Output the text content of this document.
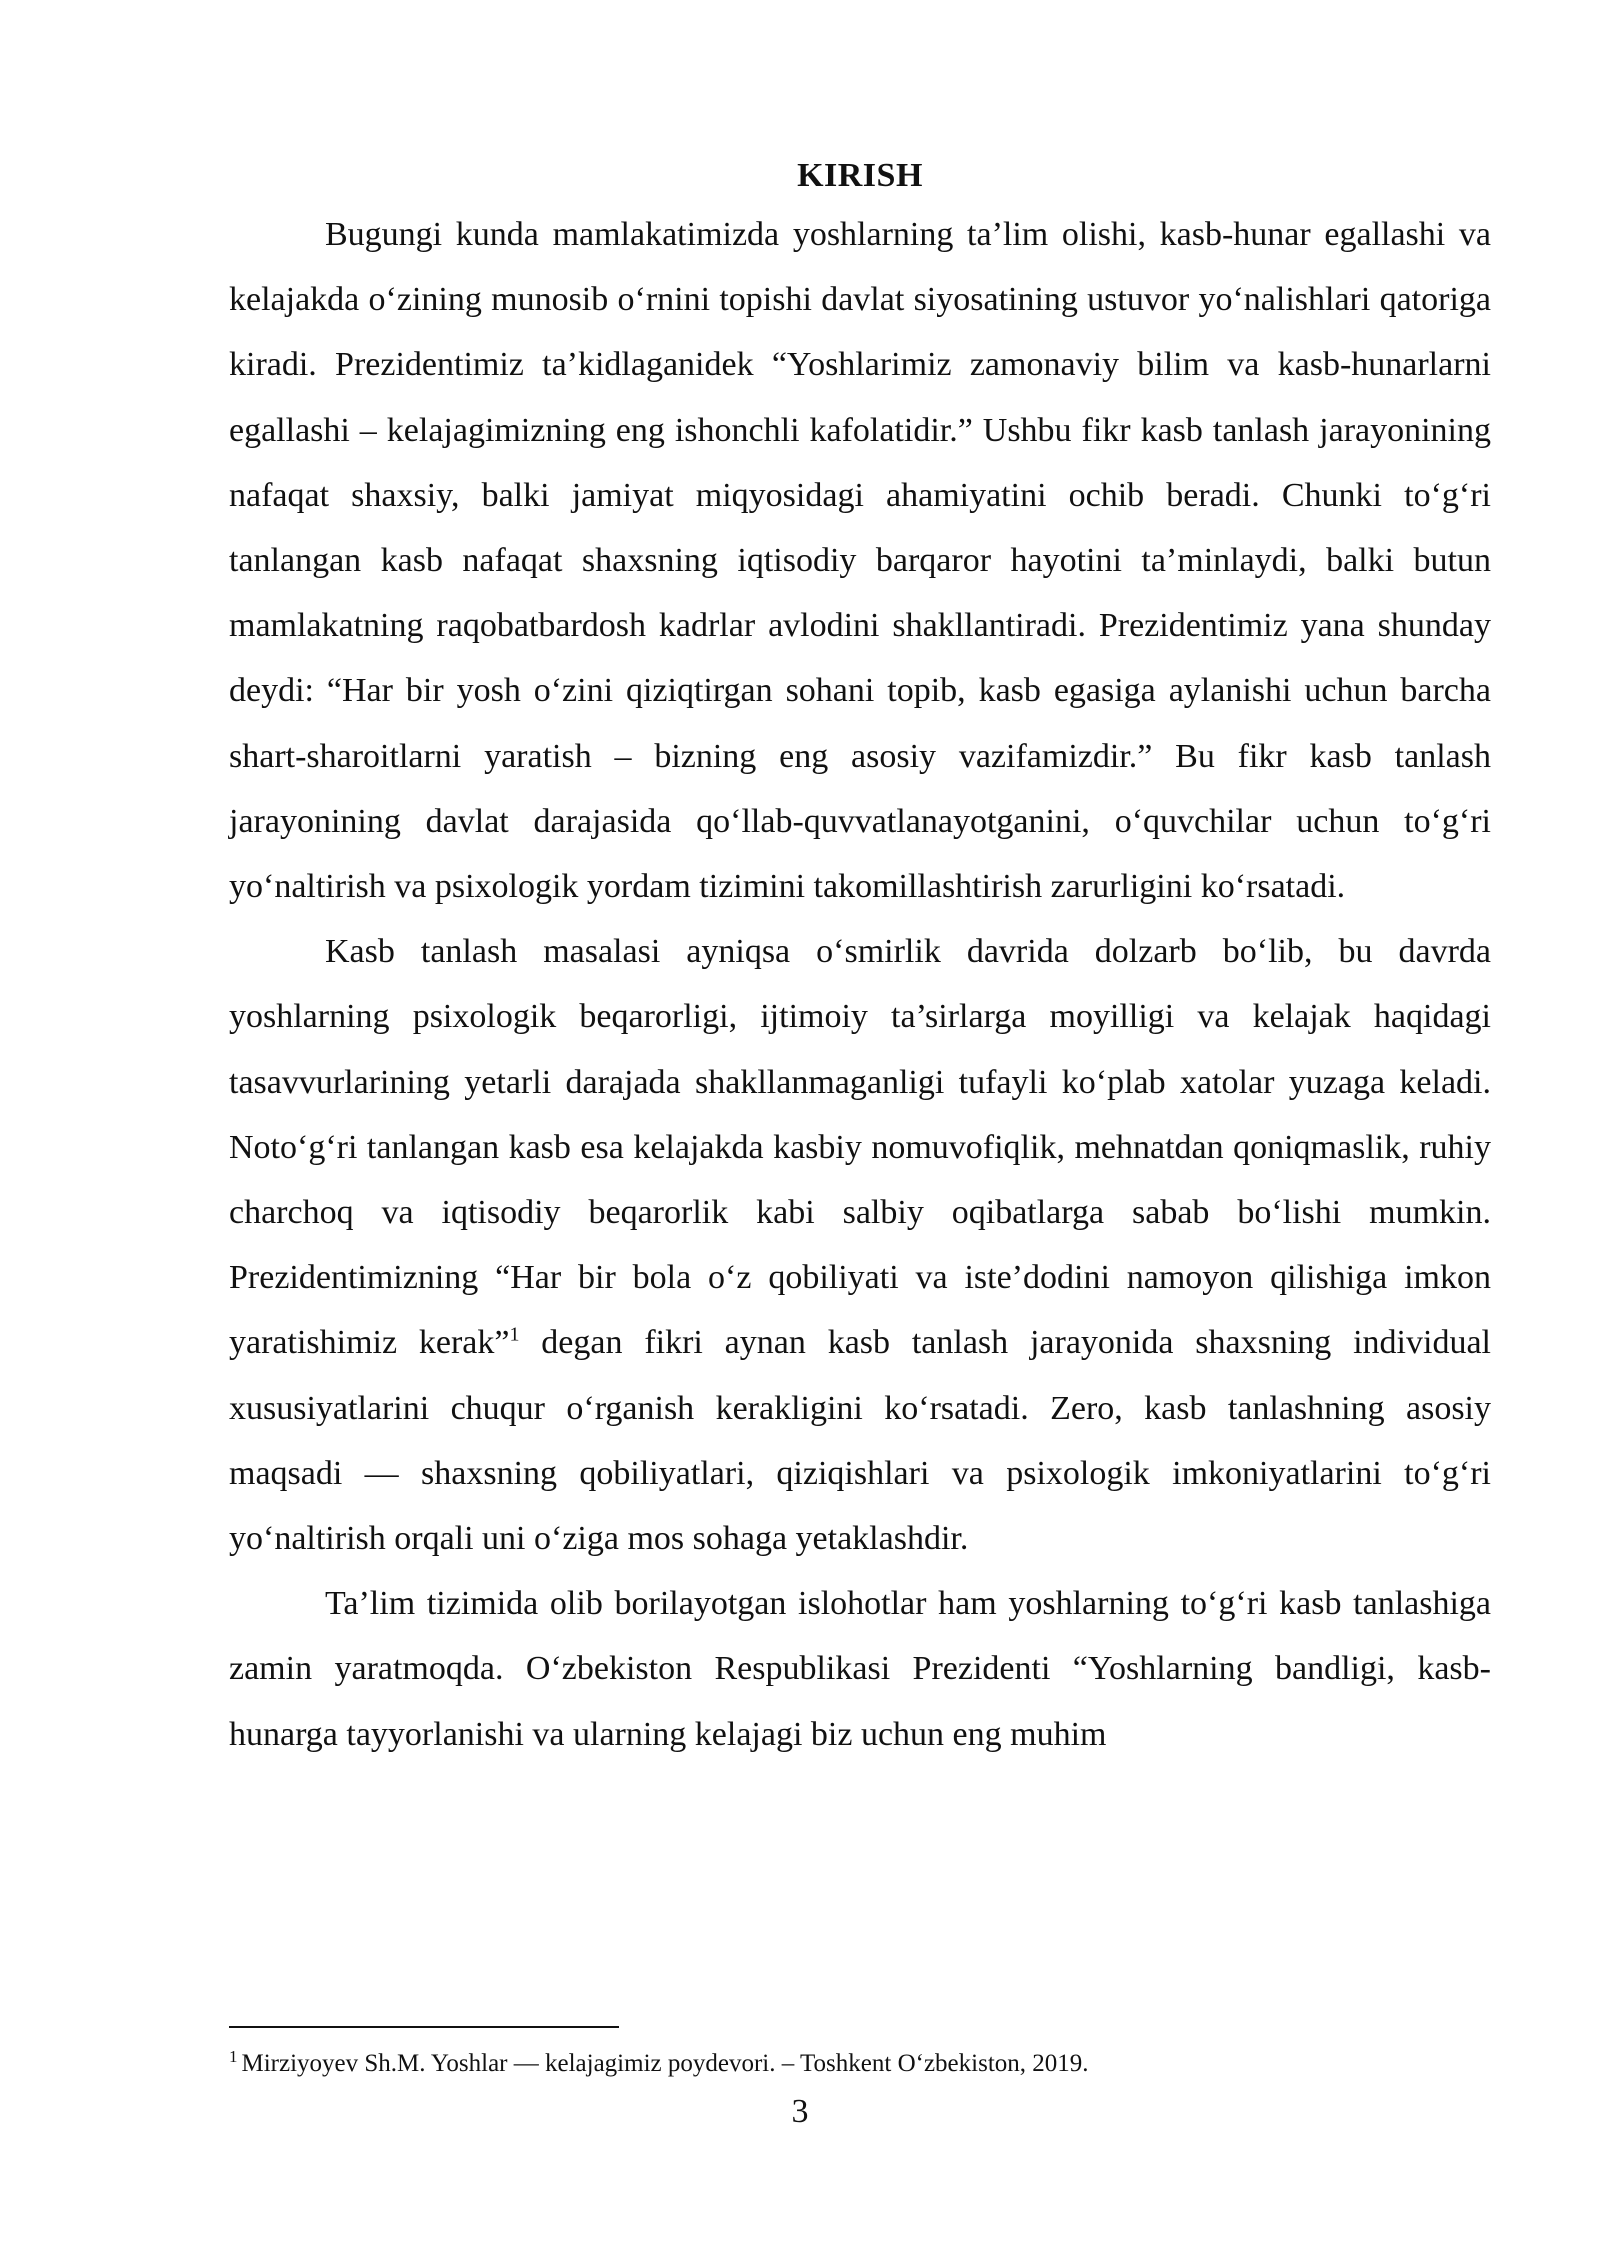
KIRISH

Bugungi kunda mamlakatimizda yoshlarning ta’lim olishi, kasb-hunar egallashi va kelajakda o‘zining munosib o‘rnini topishi davlat siyosatining ustuvor yo‘nalishlari qatoriga kiradi. Prezidentimiz ta’kidlaganidek “Yoshlarimiz zamonaviy bilim va kasb-hunarlarni egallashi – kelajagimizning eng ishonchli kafolatidir.” Ushbu fikr kasb tanlash jarayonining nafaqat shaxsiy, balki jamiyat miqyosidagi ahamiyatini ochib beradi. Chunki to‘g‘ri tanlangan kasb nafaqat shaxsning iqtisodiy barqaror hayotini ta’minlaydi, balki butun mamlakatning raqobatbardosh kadrlar avlodini shakllantiradi. Prezidentimiz yana shunday deydi: “Har bir yosh o‘zini qiziqtirgan sohani topib, kasb egasiga aylanishi uchun barcha shart-sharoitlarni yaratish – bizning eng asosiy vazifamizdir.” Bu fikr kasb tanlash jarayonining davlat darajasida qo‘llab-quvvatlanayotganini, o‘quvchilar uchun to‘g‘ri yo‘naltirish va psixologik yordam tizimini takomillashtirish zarurligini ko‘rsatadi.

Kasb tanlash masalasi ayniqsa o‘smirlik davrida dolzarb bo‘lib, bu davrda yoshlarning psixologik beqarorligi, ijtimoiy ta’sirlarga moyilligi va kelajak haqidagi tasavvurlarining yetarli darajada shakllanmaganligi tufayli ko‘plab xatolar yuzaga keladi. Noto‘g‘ri tanlangan kasb esa kelajakda kasbiy nomuvofiqlik, mehnatdan qoniqmaslik, ruhiy charchoq va iqtisodiy beqarorlik kabi salbiy oqibatlarga sabab bo‘lishi mumkin. Prezidentimizning “Har bir bola o‘z qobiliyati va iste’dodini namoyon qilishiga imkon yaratishimiz kerak”$^1$ degan fikri aynan kasb tanlash jarayonida shaxsning individual xususiyatlarini chuqur o‘rganish kerakligini ko‘rsatadi. Zero, kasb tanlashning asosiy maqsadi — shaxsning qobiliyatlari, qiziqishlari va psixologik imkoniyatlarini to‘g‘ri yo‘naltirish orqali uni o‘ziga mos sohaga yetaklashdir.

Ta’lim tizimida olib borilayotgan islohotlar ham yoshlarning to‘g‘ri kasb tanlashiga zamin yaratmoqda. O‘zbekiston Respublikasi Prezidenti “Yoshlarning bandligi, kasb-hunarga tayyorlanishi va ularning kelajagi biz uchun eng muhim

$^1$ Mirziyoyev Sh.M. Yoshlar — kelajagimiz poydevori. – Toshkent O‘zbekiston, 2019.
3
